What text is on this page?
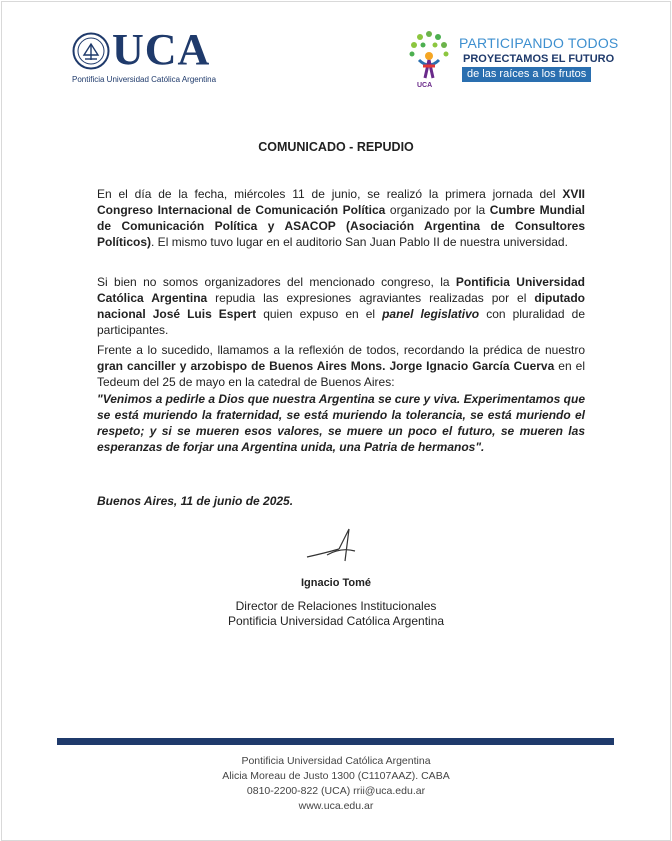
UCA
Pontificia Universidad Católica Argentina
UCA
PARTICIPANDO TODOS
PROYECTAMOS EL FUTURO
de las raíces a los frutos
COMUNICADO - REPUDIO
En el día de la fecha, miércoles 11 de junio, se realizó la primera jornada del XVII Congreso Internacional de Comunicación Política organizado por la Cumbre Mundial de Comunicación Política y ASACOP (Asociación Argentina de Consultores Políticos). El mismo tuvo lugar en el auditorio San Juan Pablo II de nuestra universidad.
Si bien no somos organizadores del mencionado congreso, la Pontificia Universidad Católica Argentina repudia las expresiones agraviantes realizadas por el diputado nacional José Luis Espert quien expuso en el panel legislativo con pluralidad de participantes.
Frente a lo sucedido, llamamos a la reflexión de todos, recordando la prédica de nuestro gran canciller y arzobispo de Buenos Aires Mons. Jorge Ignacio García Cuerva en el Tedeum del 25 de mayo en la catedral de Buenos Aires:
"Venimos a pedirle a Dios que nuestra Argentina se cure y viva. Experimentamos que se está muriendo la fraternidad, se está muriendo la tolerancia, se está muriendo el respeto; y si se mueren esos valores, se muere un poco el futuro, se mueren las esperanzas de forjar una Argentina unida, una Patria de hermanos".
Buenos Aires, 11 de junio de 2025.
Ignacio Tomé
Director de Relaciones Institucionales
Pontificia Universidad Católica Argentina
Pontificia Universidad Católica Argentina
Alicia Moreau de Justo 1300 (C1107AAZ). CABA
0810-2200-822 (UCA) rrii@uca.edu.ar
www.uca.edu.ar
